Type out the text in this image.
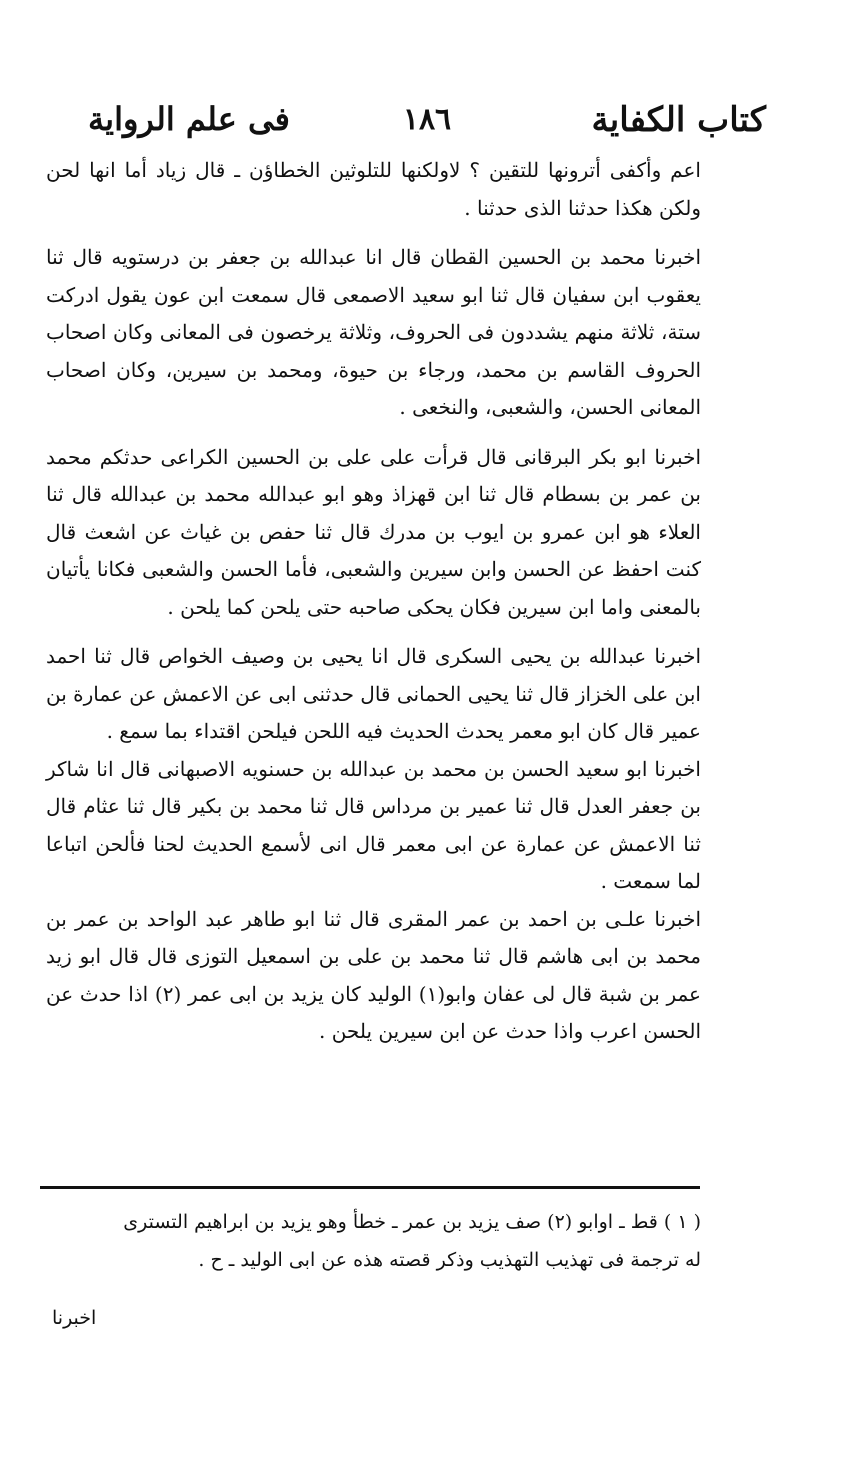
كتاب الكفاية
١٨٦
فى علم الرواية

اعم وأكفى أترونها للتقين ؟ لاولكنها للتلوثين الخطاؤن ـ قال زياد أما انها لحن ولكن هكذا حدثنا الذى حدثنا .

اخبرنا محمد بن الحسين القطان قال انا عبدالله بن جعفر بن درستويه قال ثنا يعقوب ابن سفيان قال ثنا ابو سعيد الاصمعى قال سمعت ابن عون يقول ادركت ستة، ثلاثة منهم يشددون فى الحروف، وثلاثة يرخصون فى المعانى وكان اصحاب الحروف القاسم بن محمد، ورجاء بن حيوة، ومحمد بن سيرين، وكان اصحاب المعانى الحسن، والشعبى، والنخعى .

اخبرنا ابو بكر البرقانى قال قرأت على على بن الحسين الكراعى حدثكم محمد بن عمر بن بسطام قال ثنا ابن قهزاذ وهو ابو عبدالله محمد بن عبدالله قال ثنا العلاء هو ابن عمرو بن ايوب بن مدرك قال ثنا حفص بن غياث عن اشعث قال كنت احفظ عن الحسن وابن سيرين والشعبى، فأما الحسن والشعبى فكانا يأتيان بالمعنى واما ابن سيرين فكان يحكى صاحبه حتى يلحن كما يلحن .

اخبرنا عبدالله بن يحيى السكرى قال انا يحيى بن وصيف الخواص قال ثنا احمد ابن على الخزاز قال ثنا يحيى الحمانى قال حدثنى ابى عن الاعمش عن عمارة بن عمير قال كان ابو معمر يحدث الحديث فيه اللحن فيلحن اقتداء بما سمع .

اخبرنا ابو سعيد الحسن بن محمد بن عبدالله بن حسنويه الاصبهانى قال انا شاكر بن جعفر العدل قال ثنا عمير بن مرداس قال ثنا محمد بن بكير قال ثنا عثام قال ثنا الاعمش عن عمارة عن ابى معمر قال انى لأسمع الحديث لحنا فألحن اتباعا لما سمعت .

اخبرنا علـى بن احمد بن عمر المقرى قال ثنا ابو طاهر عبد الواحد بن عمر بن محمد بن ابى هاشم قال ثنا محمد بن على بن اسمعيل التوزى قال قال ابو زيد عمر بن شبة قال لى عفان وابو(١) الوليد كان يزيد بن ابى عمر (٢) اذا حدث عن الحسن اعرب واذا حدث عن ابن سيرين يلحن .

( ١ ) قط ـ اوابو (٢) صف يزيد بن عمر ـ خطأ وهو يزيد بن ابراهيم التسترى

له ترجمة فى تهذيب التهذيب وذكر قصته هذه عن ابى الوليد ـ ح .

اخبرنا
